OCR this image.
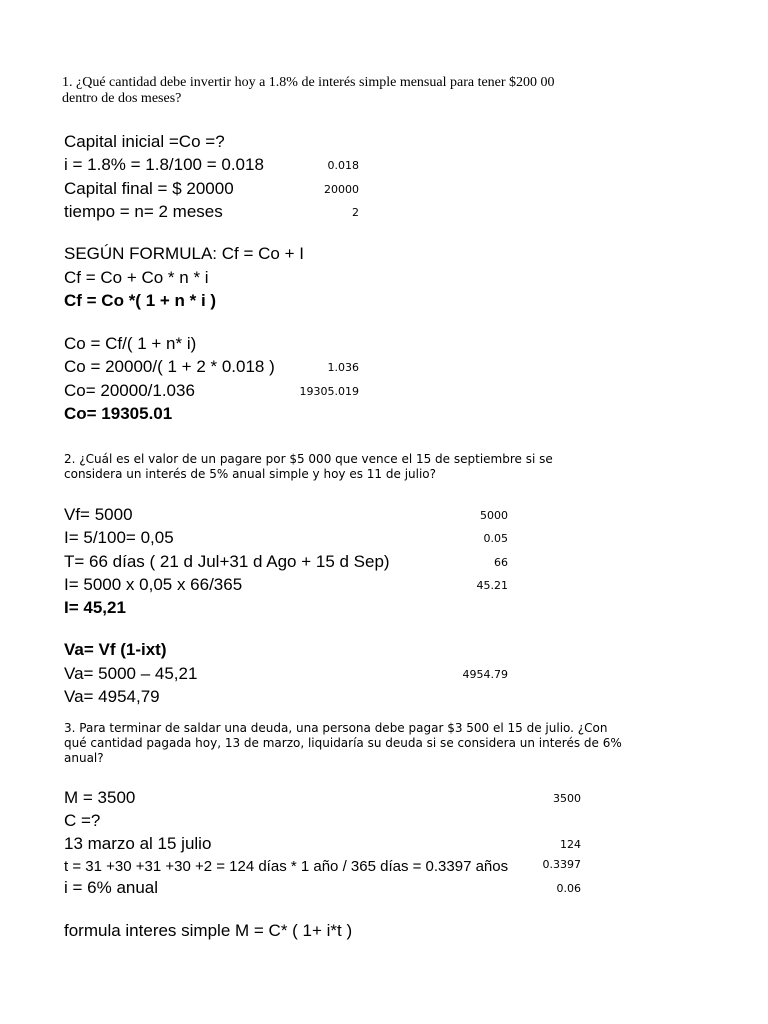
1. ¿Qué cantidad debe invertir hoy a 1.8% de interés simple mensual para tener $200 00

dentro de dos meses?

Capital inicial =Co =?

i = 1.8% = 1.8/100 = 0.018

Capital final = $ 20000

tiempo = n= 2 meses

0.018

20000

2

SEGÚN FORMULA: Cf = Co + I

Cf = Co + Co * n * i

Cf = Co *( 1 + n * i )

Co = Cf/( 1 + n* i)

Co = 20000/( 1 + 2 * 0.018 )

Co= 20000/1.036

Co= 19305.01

1.036

19305.019

2. ¿Cuál es el valor de un pagare por $5 000 que vence el 15 de septiembre si se

considera un interés de 5% anual simple y hoy es 11 de julio?

Vf= 5000

I= 5/100= 0,05

T= 66 días ( 21 d Jul+31 d Ago + 15 d Sep)

I= 5000 x 0,05 x 66/365

I= 45,21

5000

0.05

66

45.21

Va= Vf (1-ixt)

Va= 5000 – 45,21

Va= 4954,79

4954.79

3. Para terminar de saldar una deuda, una persona debe pagar $3 500 el 15 de julio. ¿Con

qué cantidad pagada hoy, 13 de marzo, liquidaría su deuda si se considera un interés de 6%

anual?

M = 3500

C =?

13 marzo al 15 julio

t = 31 +30 +31 +30 +2 = 124 días * 1 año / 365 días = 0.3397 años

i = 6% anual

3500

124

0.3397

0.06

formula interes simple M = C* ( 1+ i*t )
